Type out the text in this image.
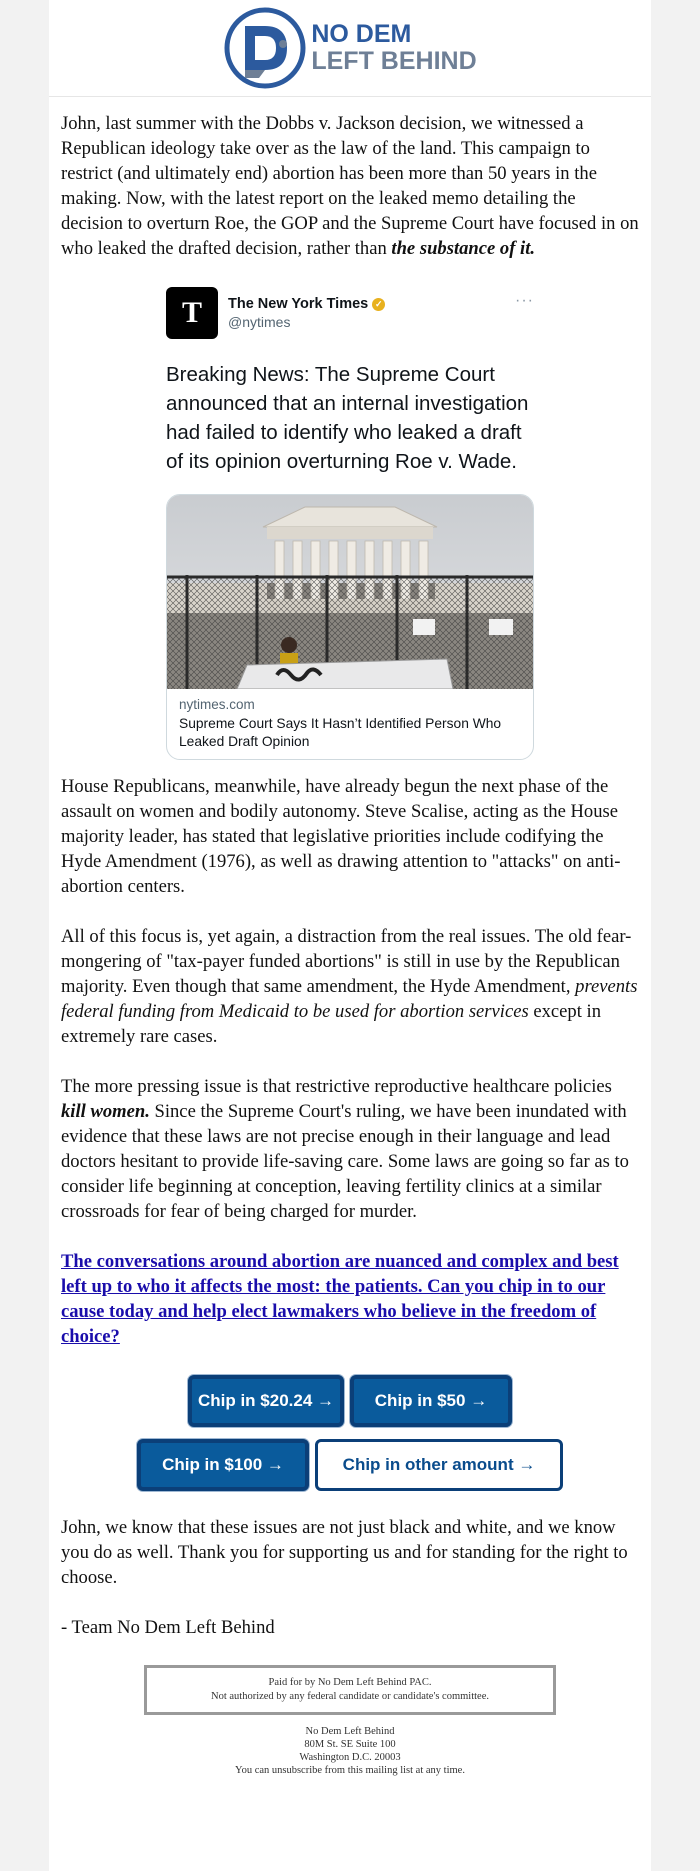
NO DEM
LEFT BEHIND

John, last summer with the Dobbs v. Jackson decision, we witnessed a Republican ideology take over as the law of the land. This campaign to restrict (and ultimately end) abortion has been more than 50 years in the making. Now, with the latest report on the leaked memo detailing the decision to overturn Roe, the GOP and the Supreme Court have focused in on who leaked the drafted decision, rather than the substance of it.

T	The New York Times ✓
@nytimes
···
Breaking News: The Supreme Court announced that an internal investigation had failed to identify who leaked a draft of its opinion overturning Roe v. Wade.
nytimes.com
Supreme Court Says It Hasn’t Identified Person Who Leaked Draft Opinion

House Republicans, meanwhile, have already begun the next phase of the assault on women and bodily autonomy. Steve Scalise, acting as the House majority leader, has stated that legislative priorities include codifying the Hyde Amendment (1976), as well as drawing attention to "attacks" on anti-abortion centers.

All of this focus is, yet again, a distraction from the real issues. The old fear-mongering of "tax-payer funded abortions" is still in use by the Republican majority. Even though that same amendment, the Hyde Amendment, prevents federal funding from Medicaid to be used for abortion services except in extremely rare cases.

The more pressing issue is that restrictive reproductive healthcare policies kill women. Since the Supreme Court's ruling, we have been inundated with evidence that these laws are not precise enough in their language and lead doctors hesitant to provide life-saving care. Some laws are going so far as to consider life beginning at conception, leaving fertility clinics at a similar crossroads for fear of being charged for murder.

The conversations around abortion are nuanced and complex and best left up to who it affects the most: the patients. Can you chip in to our cause today and help elect lawmakers who believe in the freedom of choice?
Chip in $20.24 →	Chip in $50 →
Chip in $100 →	Chip in other amount →

John, we know that these issues are not just black and white, and we know you do as well. Thank you for supporting us and for standing for the right to choose.

- Team No Dem Left Behind

Paid for by No Dem Left Behind PAC.
Not authorized by any federal candidate or candidate's committee.
No Dem Left Behind
80M St. SE Suite 100
Washington D.C. 20003
You can unsubscribe from this mailing list at any time.
